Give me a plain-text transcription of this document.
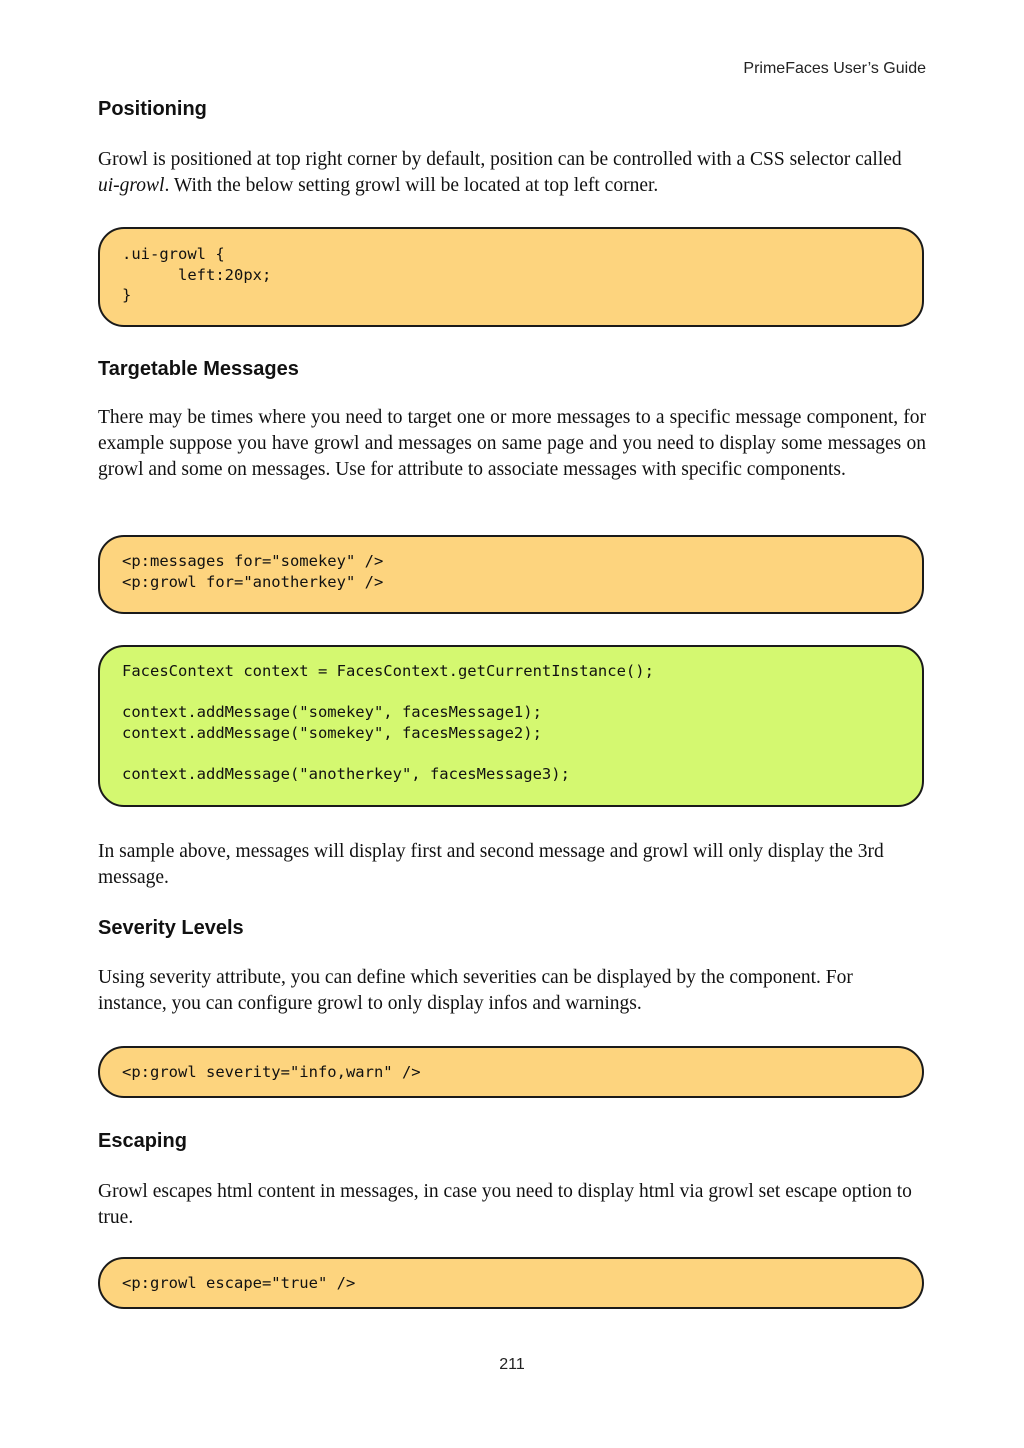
PrimeFaces User’s Guide
Positioning

Growl is positioned at top right corner by default, position can be controlled with a CSS selector called ui-growl. With the below setting growl will be located at top left corner.

.ui-growl {
left:20px;
}
Targetable Messages

There may be times where you need to target one or more messages to a specific message component, for example suppose you have growl and messages on same page and you need to display some messages on growl and some on messages. Use for attribute to associate messages with specific components.

<p:messages for="somekey" />
<p:growl for="anotherkey" />
FacesContext context = FacesContext.getCurrentInstance();

context.addMessage("somekey", facesMessage1);
context.addMessage("somekey", facesMessage2);

context.addMessage("anotherkey", facesMessage3);

In sample above, messages will display first and second message and growl will only display the 3rd message.

Severity Levels

Using severity attribute, you can define which severities can be displayed by the component. For instance, you can configure growl to only display infos and warnings.

<p:growl severity="info,warn" />
Escaping

Growl escapes html content in messages, in case you need to display html via growl set escape option to true.

<p:growl escape="true" />
211
